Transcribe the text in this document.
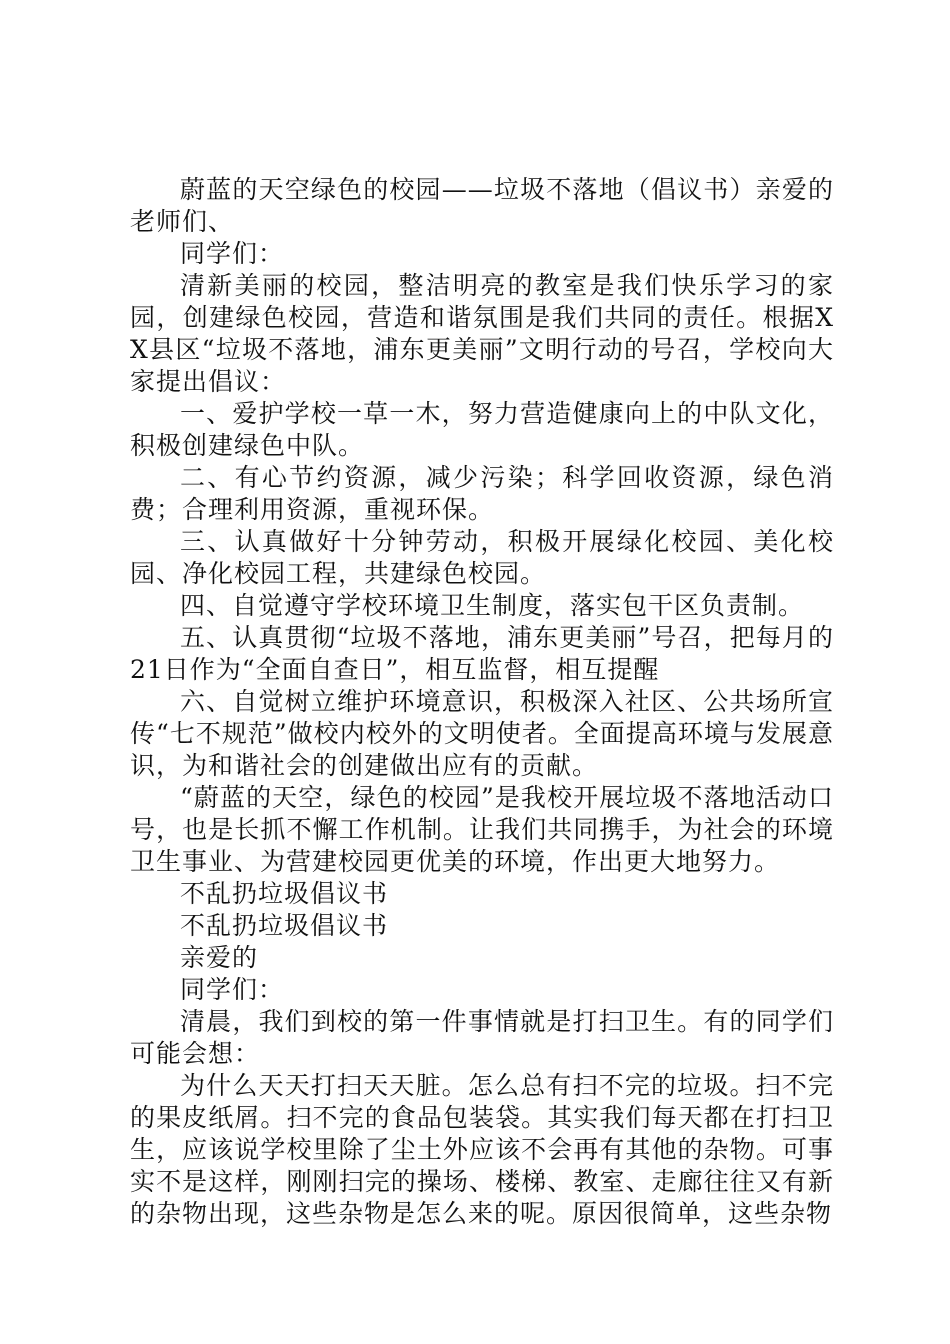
蔚蓝的天空绿色的校园——垃圾不落地（倡议书）亲爱的老师们、

同学们：

清新美丽的校园，整洁明亮的教室是我们快乐学习的家园，创建绿色校园，营造和谐氛围是我们共同的责任。根据XX县区“垃圾不落地，浦东更美丽”文明行动的号召，学校向大家提出倡议：

一、爱护学校一草一木，努力营造健康向上的中队文化，积极创建绿色中队。

二、有心节约资源，减少污染；科学回收资源，绿色消费；合理利用资源，重视环保。

三、认真做好十分钟劳动，积极开展绿化校园、美化校园、净化校园工程，共建绿色校园。

四、自觉遵守学校环境卫生制度，落实包干区负责制。

五、认真贯彻“垃圾不落地，浦东更美丽”号召，把每月的21日作为“全面自查日”，相互监督，相互提醒

六、自觉树立维护环境意识，积极深入社区、公共场所宣传“七不规范”做校内校外的文明使者。全面提高环境与发展意识，为和谐社会的创建做出应有的贡献。

“蔚蓝的天空，绿色的校园”是我校开展垃圾不落地活动口号，也是长抓不懈工作机制。让我们共同携手，为社会的环境卫生事业、为营建校园更优美的环境，作出更大地努力。

不乱扔垃圾倡议书

不乱扔垃圾倡议书

亲爱的

同学们：

清晨，我们到校的第一件事情就是打扫卫生。有的同学们可能会想：

为什么天天打扫天天脏。怎么总有扫不完的垃圾。扫不完的果皮纸屑。扫不完的食品包装袋。其实我们每天都在打扫卫生，应该说学校里除了尘土外应该不会再有其他的杂物。可事实不是这样，刚刚扫完的操场、楼梯、教室、走廊往往又有新的杂物出现，这些杂物是怎么来的呢。原因很简单，这些杂物
